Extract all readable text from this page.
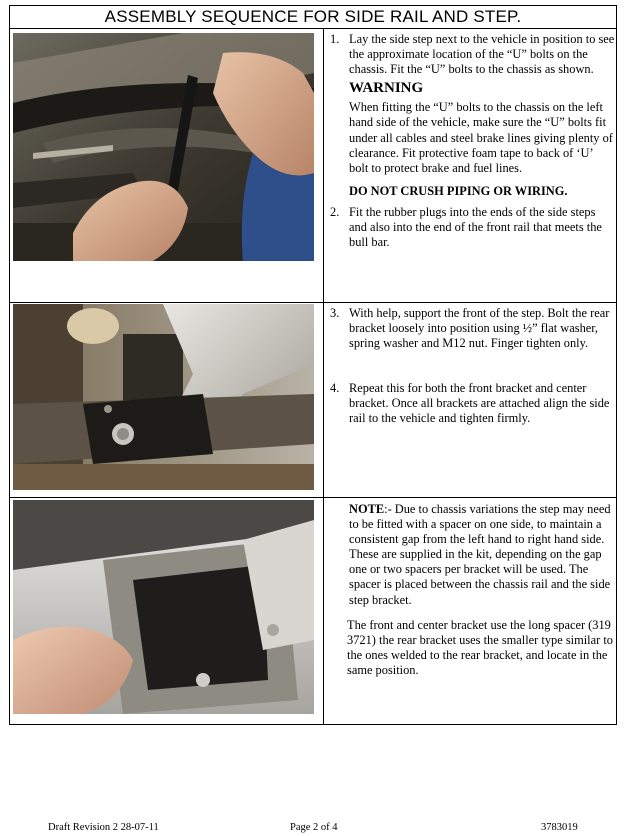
ASSEMBLY SEQUENCE FOR SIDE RAIL AND STEP.
1. Lay the side step next to the vehicle in position to see the approximate location of the “U” bolts on the chassis. Fit the “U” bolts to the chassis as shown.
WARNING
When fitting the “U” bolts to the chassis on the left hand side of the vehicle, make sure the “U” bolts fit under all cables and steel brake lines giving plenty of clearance. Fit protective foam tape to back of ‘U’ bolt to protect brake and fuel lines.
DO NOT CRUSH PIPING OR WIRING.
2. Fit the rubber plugs into the ends of the side steps and also into the end of the front rail that meets the bull bar.
3. With help, support the front of the step. Bolt the rear bracket loosely into position using ½” flat washer, spring washer and M12 nut. Finger tighten only.
4. Repeat this for both the front bracket and center bracket. Once all brackets are attached align the side rail to the vehicle and tighten firmly.
NOTE:- Due to chassis variations the step may need to be fitted with a spacer on one side, to maintain a consistent gap from the left hand to right hand side. These are supplied in the kit, depending on the gap one or two spacers per bracket will be used. The spacer is placed between the chassis rail and the side step bracket.
The front and center bracket use the long spacer (319 3721) the rear bracket uses the smaller type similar to the ones welded to the rear bracket, and locate in the same position.
Draft Revision 2 28-07-11	Page 2 of 4	3783019
